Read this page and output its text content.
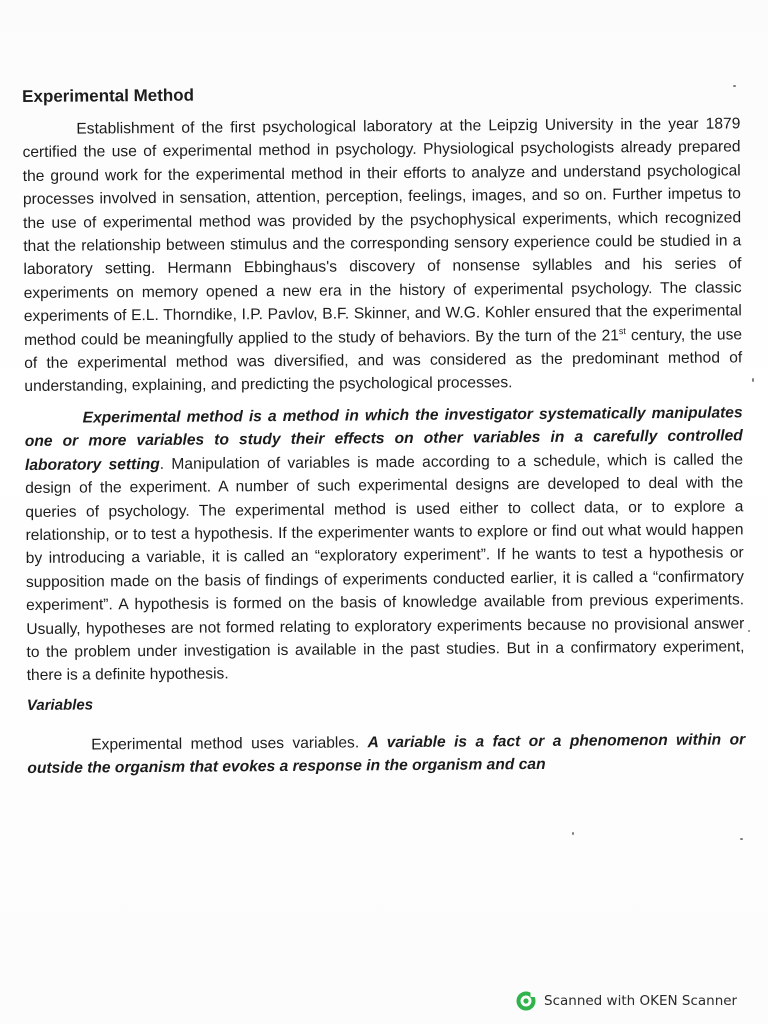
Experimental Method

Establishment of the first psychological laboratory at the Leipzig University in the year 1879 certified the use of experimental method in psychology. Physiological psychologists already prepared the ground work for the experimental method in their efforts to analyze and understand psychological processes involved in sensation, attention, perception, feelings, images, and so on. Further impetus to the use of experimental method was provided by the psychophysical experiments, which recognized that the relationship between stimulus and the corresponding sensory experience could be studied in a laboratory setting. Hermann Ebbinghaus's discovery of nonsense syllables and his series of experiments on memory opened a new era in the history of experimental psychology. The classic experiments of E.L. Thorndike, I.P. Pavlov, B.F. Skinner, and W.G. Kohler ensured that the experimental method could be meaningfully applied to the study of behaviors. By the turn of the 21st century, the use of the experimental method was diversified, and was considered as the predominant method of understanding, explaining, and predicting the psychological processes.

Experimental method is a method in which the investigator systematically manipulates one or more variables to study their effects on other variables in a carefully controlled laboratory setting. Manipulation of variables is made according to a schedule, which is called the design of the experiment. A number of such experimental designs are developed to deal with the queries of psychology. The experimental method is used either to collect data, or to explore a relationship, or to test a hypothesis. If the experimenter wants to explore or find out what would happen by introducing a variable, it is called an “exploratory experiment”. If he wants to test a hypothesis or supposition made on the basis of findings of experiments conducted earlier, it is called a “confirmatory experiment”. A hypothesis is formed on the basis of knowledge available from previous experiments. Usually, hypotheses are not formed relating to exploratory experiments because no provisional answer to the problem under investigation is available in the past studies. But in a confirmatory experiment, there is a definite hypothesis.

Variables

Experimental method uses variables. A variable is a fact or a phenomenon within or outside the organism that evokes a response in the organism and can

Scanned with OKEN Scanner
